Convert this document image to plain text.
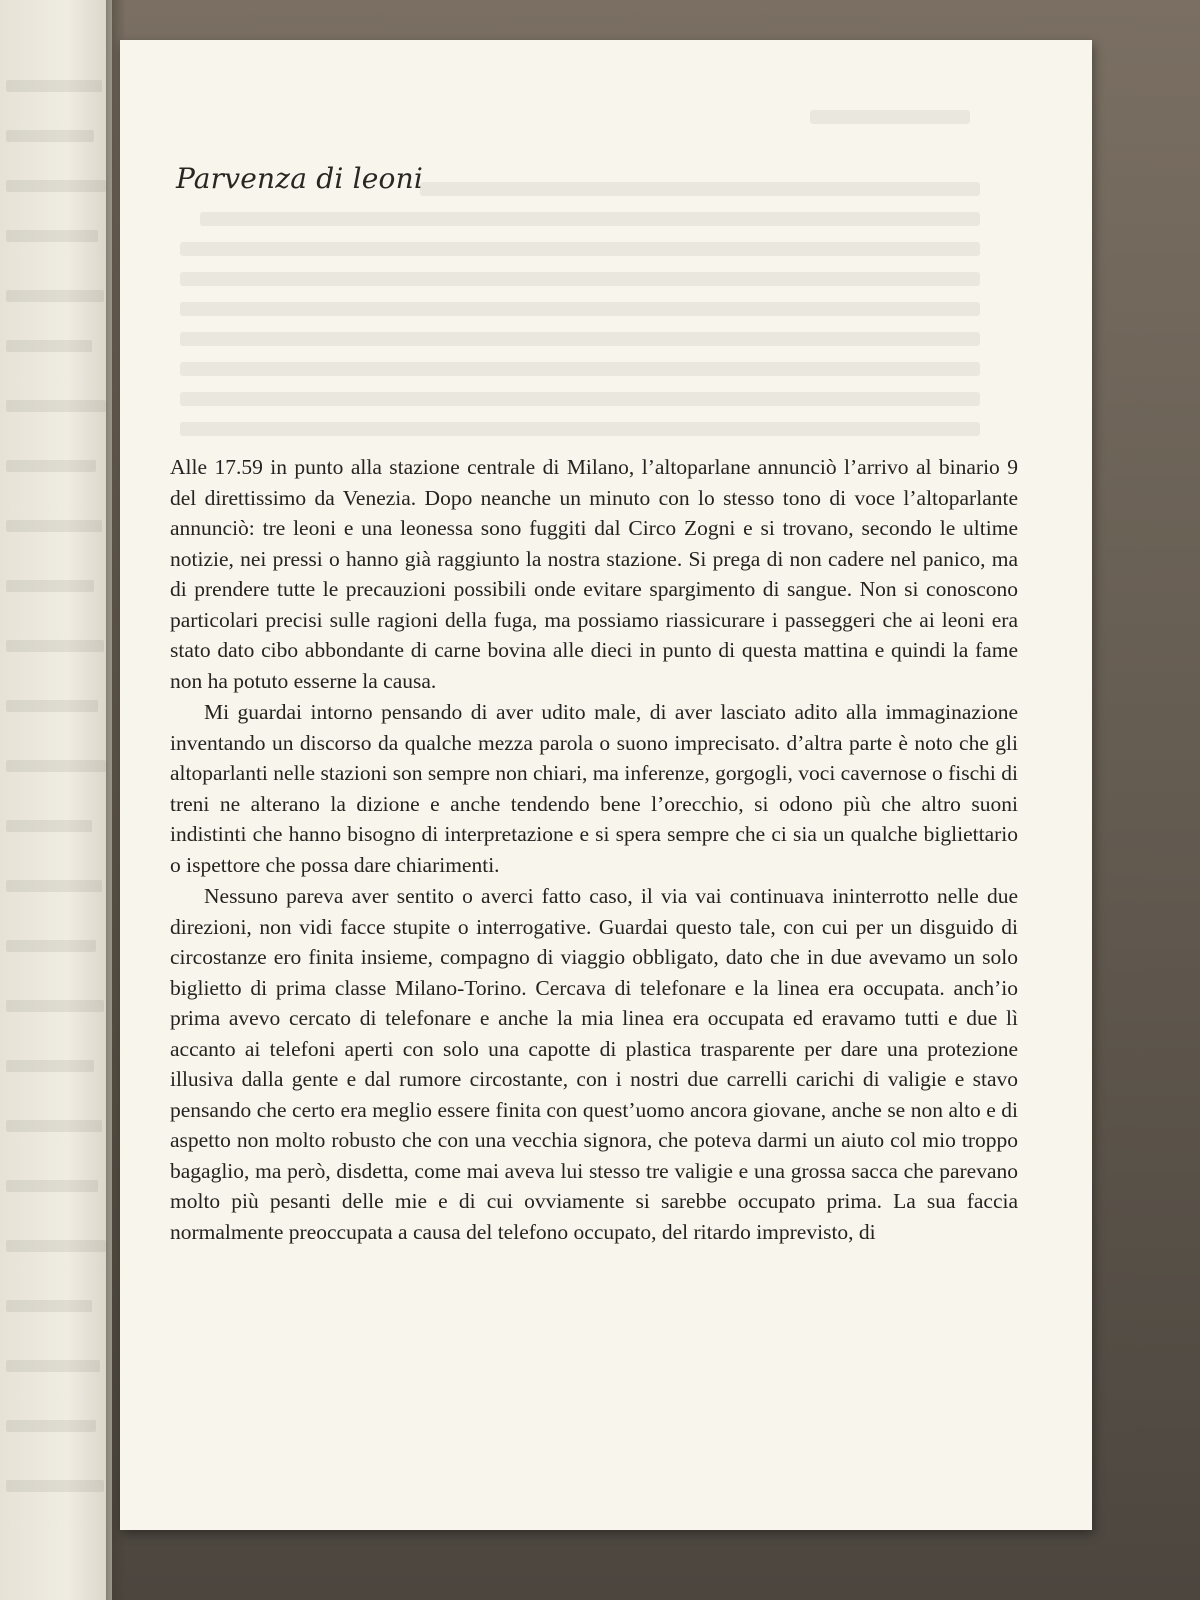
Parvenza di leoni

Alle 17.59 in punto alla stazione centrale di Milano, l’altoparlane annunciò l’arrivo al binario 9 del direttissimo da Venezia. Dopo neanche un minuto con lo stesso tono di voce l’altoparlante annunciò: tre leoni e una leonessa sono fuggiti dal Circo Zogni e si trovano, secondo le ultime notizie, nei pressi o hanno già raggiunto la nostra stazione. Si prega di non cadere nel panico, ma di prendere tutte le precauzioni possibili onde evitare spargimento di sangue. Non si conoscono particolari precisi sulle ragioni della fuga, ma possiamo riassicurare i passeggeri che ai leoni era stato dato cibo abbondante di carne bovina alle dieci in punto di questa mattina e quindi la fame non ha potuto esserne la causa.

Mi guardai intorno pensando di aver udito male, di aver lasciato adito alla immaginazione inventando un discorso da qualche mezza parola o suono imprecisato. d’altra parte è noto che gli altoparlanti nelle stazioni son sempre non chiari, ma inferenze, gorgogli, voci cavernose o fischi di treni ne alterano la dizione e anche tendendo bene l’orecchio, si odono più che altro suoni indistinti che hanno bisogno di interpretazione e si spera sempre che ci sia un qualche bigliettario o ispettore che possa dare chiarimenti.

Nessuno pareva aver sentito o averci fatto caso, il via vai continuava ininterrotto nelle due direzioni, non vidi facce stupite o interrogative. Guardai questo tale, con cui per un disguido di circostanze ero finita insieme, compagno di viaggio obbligato, dato che in due avevamo un solo biglietto di prima classe Milano-Torino. Cercava di telefonare e la linea era occupata. anch’io prima avevo cercato di telefonare e anche la mia linea era occupata ed eravamo tutti e due lì accanto ai telefoni aperti con solo una capotte di plastica trasparente per dare una protezione illusiva dalla gente e dal rumore circostante, con i nostri due carrelli carichi di valigie e stavo pensando che certo era meglio essere finita con quest’uomo ancora giovane, anche se non alto e di aspetto non molto robusto che con una vecchia signora, che poteva darmi un aiuto col mio troppo bagaglio, ma però, disdetta, come mai aveva lui stesso tre valigie e una grossa sacca che parevano molto più pesanti delle mie e di cui ovviamente si sarebbe occupato prima. La sua faccia normalmente preoccupata a causa del telefono occupato, del ritardo imprevisto, di
